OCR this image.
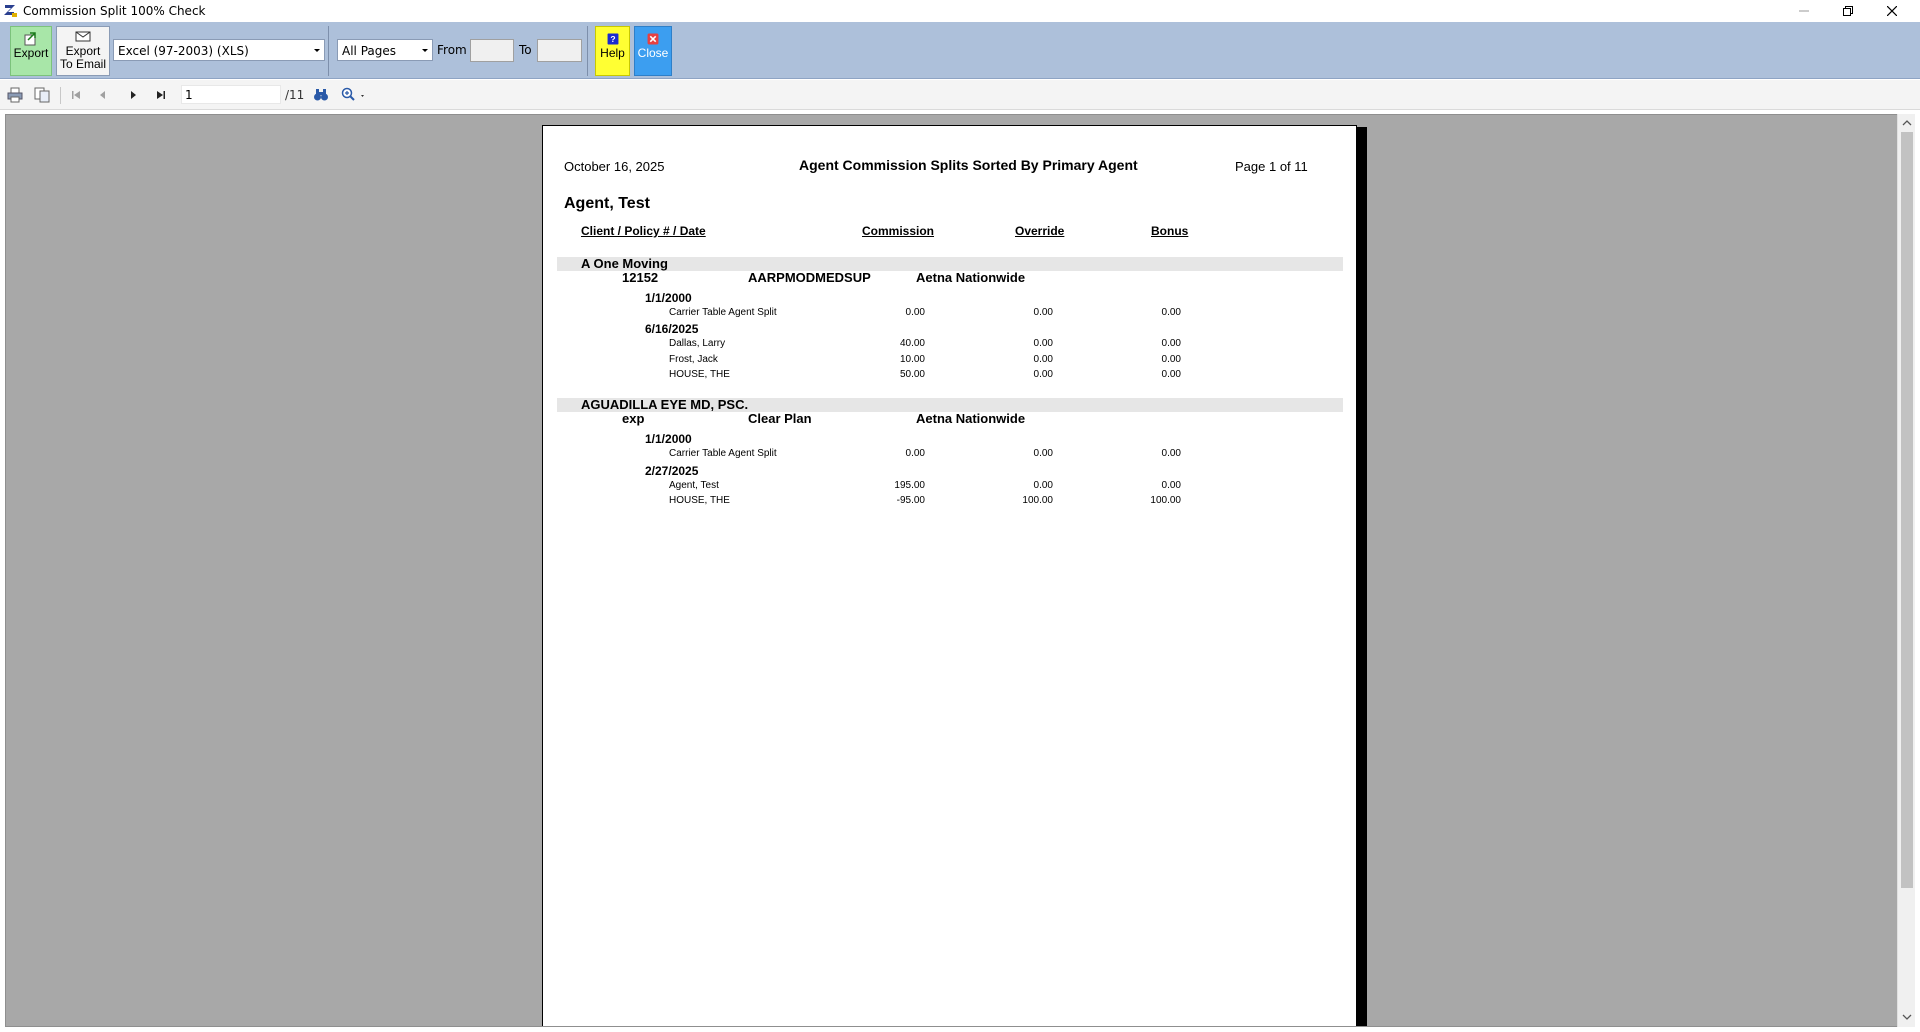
Commission Split 100% Check
Export	Export
To Email
Excel (97-2003) (XLS)	All Pages	From	To
?
Help	Close
1	/11
October 16, 2025	Agent Commission Splits Sorted By Primary Agent	Page 1 of 11
Agent, Test
Client / Policy # / Date	Commission	Override	Bonus
A One Moving
12152	AARPMODMEDSUP	Aetna Nationwide
1/1/2000
Carrier Table Agent Split	0.00	0.00	0.00
6/16/2025
Dallas, Larry	40.00	0.00	0.00
Frost, Jack	10.00	0.00	0.00
HOUSE, THE	50.00	0.00	0.00
AGUADILLA EYE MD, PSC.
exp	Clear Plan	Aetna Nationwide
1/1/2000
Carrier Table Agent Split	0.00	0.00	0.00
2/27/2025
Agent, Test	195.00	0.00	0.00
HOUSE, THE	-95.00	100.00	100.00
